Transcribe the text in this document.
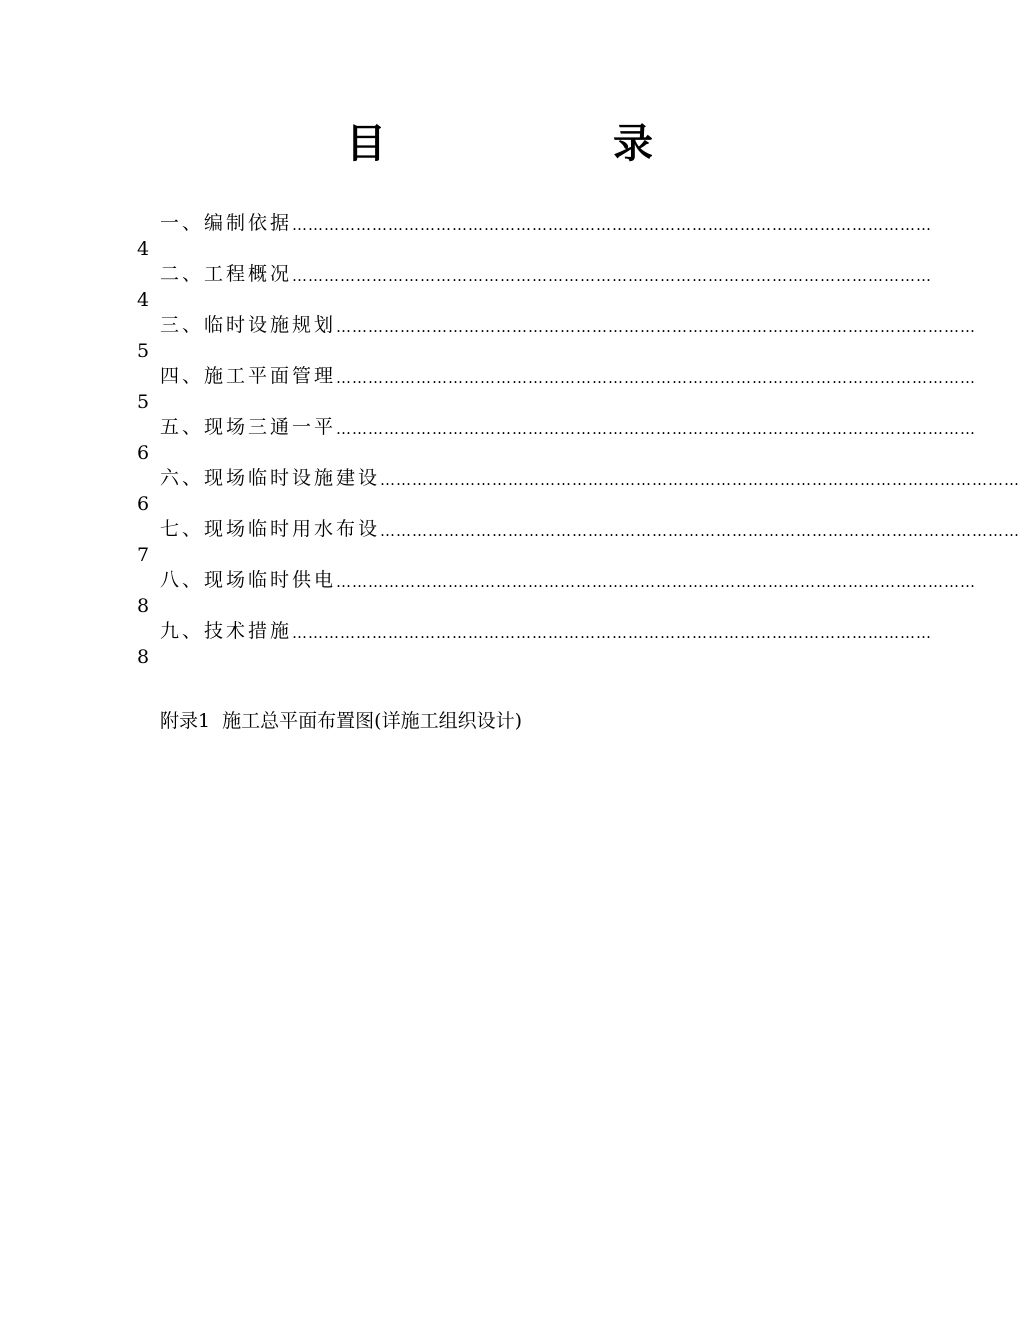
目	录
一、编制依据 …………………………………………………………………………………………………………
4
二、工程概况 …………………………………………………………………………………………………………
4
三、临时设施规划 …………………………………………………………………………………………………………
5
四、施工平面管理 …………………………………………………………………………………………………………
5
五、现场三通一平 …………………………………………………………………………………………………………
6
六、现场临时设施建设 …………………………………………………………………………………………………………
6
七、现场临时用水布设 …………………………………………………………………………………………………………
7
八、现场临时供电 …………………………………………………………………………………………………………
8
九、技术措施 …………………………………………………………………………………………………………
8
附录1  施工总平面布置图(详施工组织设计)
